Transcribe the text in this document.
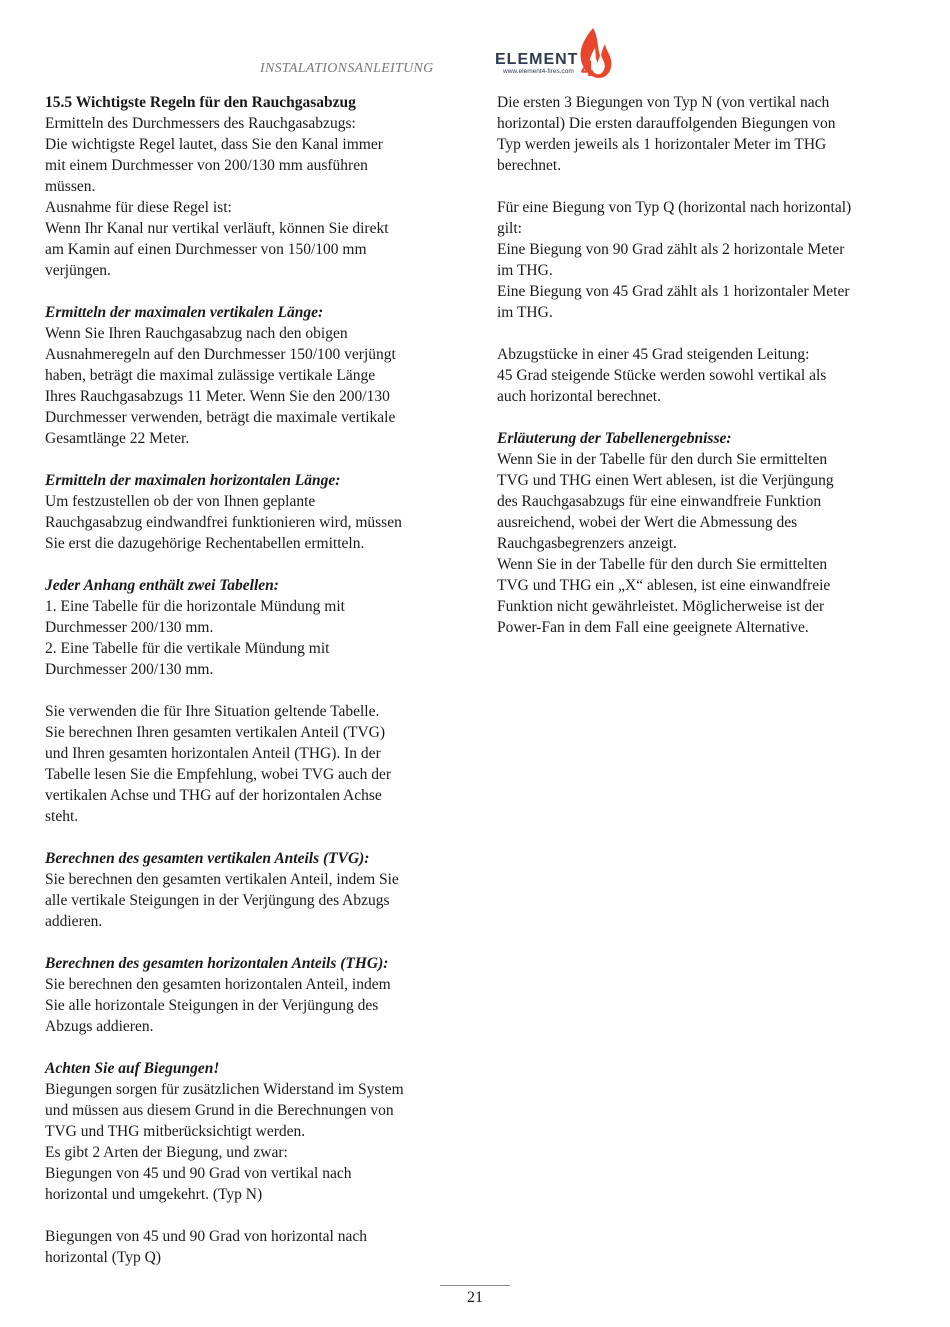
INSTALATIONSANLEITUNG
ELEMENT
www.element4-fires.com 4

15.5 Wichtigste Regeln für den Rauchgasabzug
Ermitteln des Durchmessers des Rauchgasabzugs:
Die wichtigste Regel lautet, dass Sie den Kanal immer
mit einem Durchmesser von 200/130 mm ausführen
müssen.
Ausnahme für diese Regel ist:
Wenn Ihr Kanal nur vertikal verläuft, können Sie direkt
am Kamin auf einen Durchmesser von 150/100 mm
verjüngen.

Ermitteln der maximalen vertikalen Länge:
Wenn Sie Ihren Rauchgasabzug nach den obigen
Ausnahmeregeln auf den Durchmesser 150/100 verjüngt
haben, beträgt die maximal zulässige vertikale Länge
Ihres Rauchgasabzugs 11 Meter. Wenn Sie den 200/130
Durchmesser verwenden, beträgt die maximale vertikale
Gesamtlänge 22 Meter.

Ermitteln der maximalen horizontalen Länge:
Um festzustellen ob der von Ihnen geplante
Rauchgasabzug eindwandfrei funktionieren wird, müssen
Sie erst die dazugehörige Rechentabellen ermitteln.

Jeder Anhang enthält zwei Tabellen:
1. Eine Tabelle für die horizontale Mündung mit
Durchmesser 200/130 mm.
2. Eine Tabelle für die vertikale Mündung mit
Durchmesser 200/130 mm.

Sie verwenden die für Ihre Situation geltende Tabelle.
Sie berechnen Ihren gesamten vertikalen Anteil (TVG)
und Ihren gesamten horizontalen Anteil (THG). In der
Tabelle lesen Sie die Empfehlung, wobei TVG auch der
vertikalen Achse und THG auf der horizontalen Achse
steht.

Berechnen des gesamten vertikalen Anteils (TVG):
Sie berechnen den gesamten vertikalen Anteil, indem Sie
alle vertikale Steigungen in der Verjüngung des Abzugs
addieren.

Berechnen des gesamten horizontalen Anteils (THG):
Sie berechnen den gesamten horizontalen Anteil, indem
Sie alle horizontale Steigungen in der Verjüngung des
Abzugs addieren.

Achten Sie auf Biegungen!
Biegungen sorgen für zusätzlichen Widerstand im System
und müssen aus diesem Grund in die Berechnungen von
TVG und THG mitberücksichtigt werden.
Es gibt 2 Arten der Biegung, und zwar:
Biegungen von 45 und 90 Grad von vertikal nach
horizontal und umgekehrt. (Typ N)

Biegungen von 45 und 90 Grad von horizontal nach
horizontal (Typ Q)

Die ersten 3 Biegungen von Typ N (von vertikal nach
horizontal) Die ersten darauffolgenden Biegungen von
Typ werden jeweils als 1 horizontaler Meter im THG
berechnet.

Für eine Biegung von Typ Q (horizontal nach horizontal)
gilt:
Eine Biegung von 90 Grad zählt als 2 horizontale Meter
im THG.
Eine Biegung von 45 Grad zählt als 1 horizontaler Meter
im THG.

Abzugstücke in einer 45 Grad steigenden Leitung:
45 Grad steigende Stücke werden sowohl vertikal als
auch horizontal berechnet.

Erläuterung der Tabellenergebnisse:
Wenn Sie in der Tabelle für den durch Sie ermittelten
TVG und THG einen Wert ablesen, ist die Verjüngung
des Rauchgasabzugs für eine einwandfreie Funktion
ausreichend, wobei der Wert die Abmessung des
Rauchgasbegrenzers anzeigt.
Wenn Sie in der Tabelle für den durch Sie ermittelten
TVG und THG ein „X“ ablesen, ist eine einwandfreie
Funktion nicht gewährleistet. Möglicherweise ist der
Power-Fan in dem Fall eine geeignete Alternative.

21
